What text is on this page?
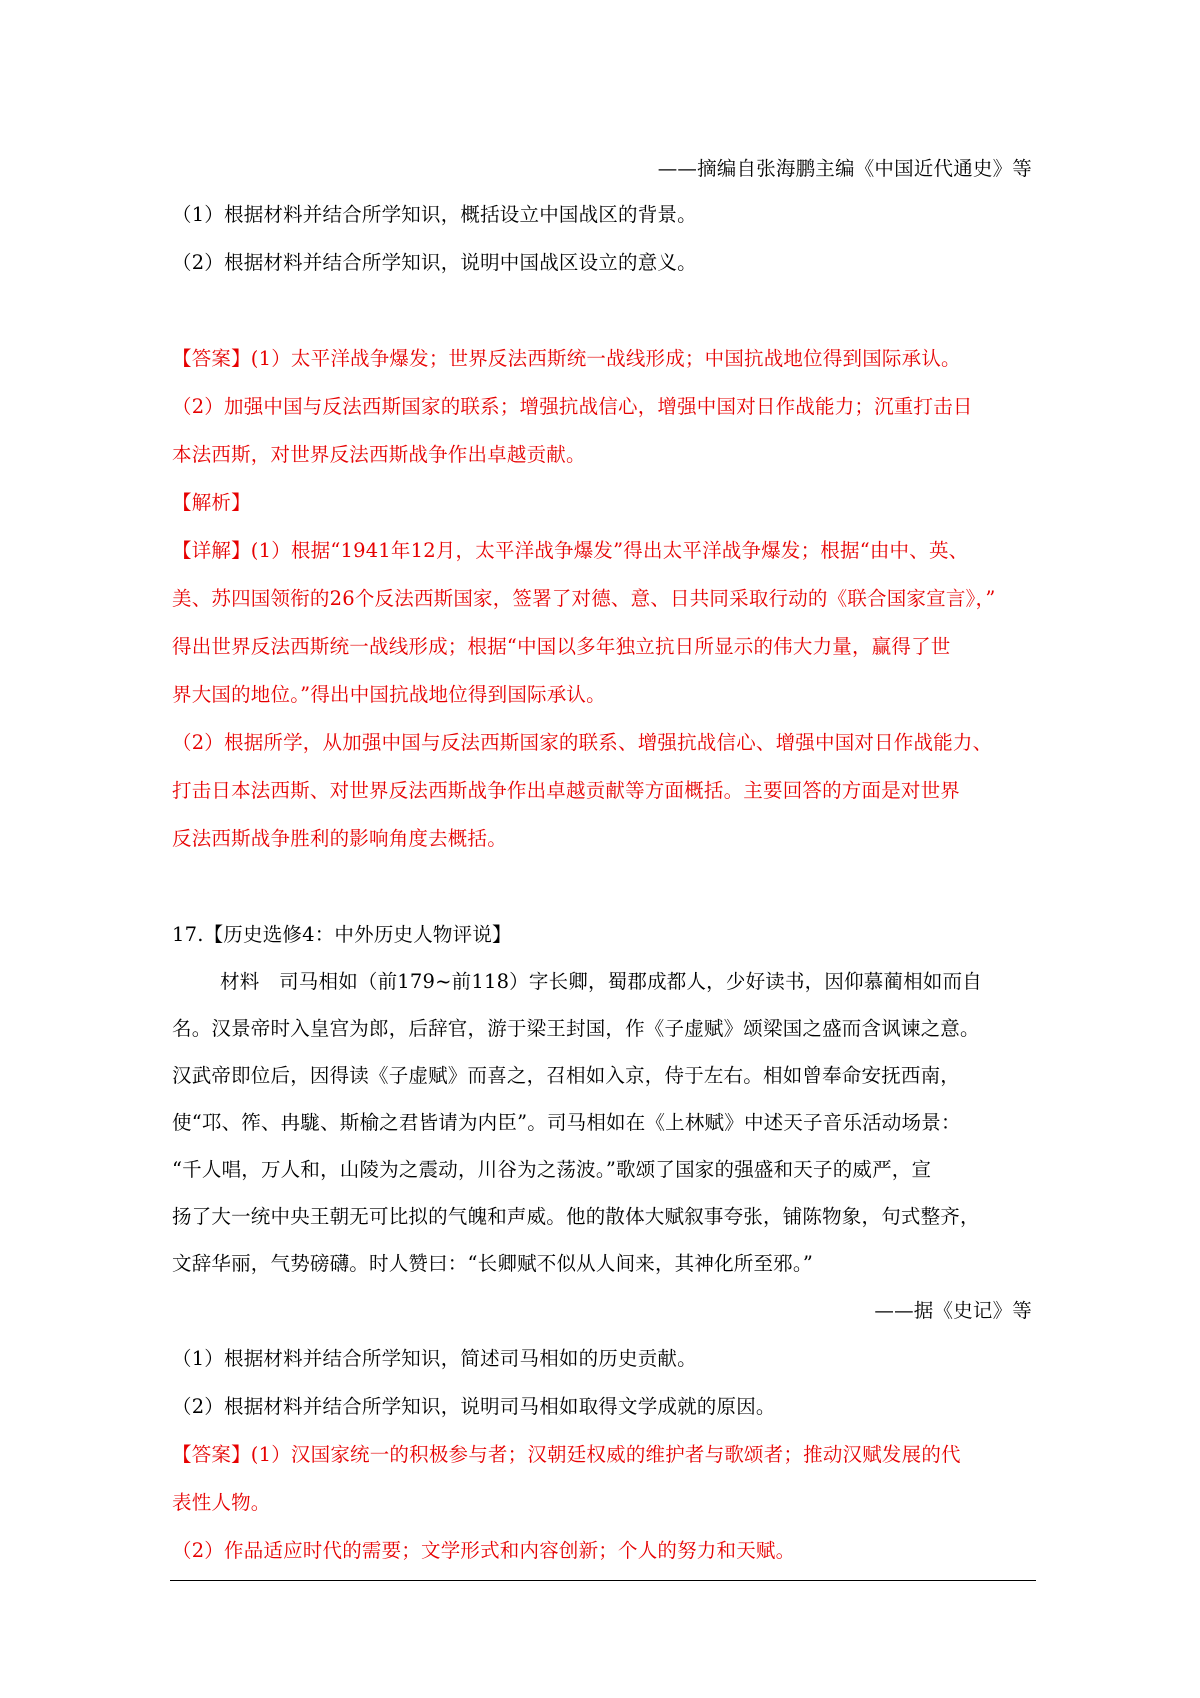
——摘编自张海鹏主编《中国近代通史》等
（1）根据材料并结合所学知识，概括设立中国战区的背景。
（2）根据材料并结合所学知识，说明中国战区设立的意义。
【答案】(1）太平洋战争爆发；世界反法西斯统一战线形成；中国抗战地位得到国际承认。
（2）加强中国与反法西斯国家的联系；增强抗战信心，增强中国对日作战能力；沉重打击日
本法西斯，对世界反法西斯战争作出卓越贡献。
【解析】
【详解】(1）根据“1941年12月，太平洋战争爆发”得出太平洋战争爆发；根据“由中、英、
美、苏四国领衔的26个反法西斯国家，签署了对德、意、日共同采取行动的《联合国家宣言》，”
得出世界反法西斯统一战线形成；根据“中国以多年独立抗日所显示的伟大力量，赢得了世
界大国的地位。”得出中国抗战地位得到国际承认。
（2）根据所学，从加强中国与反法西斯国家的联系、增强抗战信心、增强中国对日作战能力、
打击日本法西斯、对世界反法西斯战争作出卓越贡献等方面概括。主要回答的方面是对世界
反法西斯战争胜利的影响角度去概括。
17.【历史选修4：中外历史人物评说】
材料　司马相如（前179~前118）字长卿，蜀郡成都人，少好读书，因仰慕蔺相如而自
名。汉景帝时入皇宫为郎，后辞官，游于梁王封国，作《子虚赋》颂梁国之盛而含讽谏之意。
汉武帝即位后，因得读《子虚赋》而喜之，召相如入京，侍于左右。相如曾奉命安抚西南，
使“邛、筰、冉駹、斯榆之君皆请为内臣”。司马相如在《上林赋》中述天子音乐活动场景：
“千人唱，万人和，山陵为之震动，川谷为之荡波。”歌颂了国家的强盛和天子的威严，宣
扬了大一统中央王朝无可比拟的气魄和声威。他的散体大赋叙事夸张，铺陈物象，句式整齐，
文辞华丽，气势磅礴。时人赞曰：“长卿赋不似从人间来，其神化所至邪。”
——据《史记》等
（1）根据材料并结合所学知识，简述司马相如的历史贡献。
（2）根据材料并结合所学知识，说明司马相如取得文学成就的原因。
【答案】(1）汉国家统一的积极参与者；汉朝廷权威的维护者与歌颂者；推动汉赋发展的代
表性人物。
（2）作品适应时代的需要；文学形式和内容创新；个人的努力和天赋。
